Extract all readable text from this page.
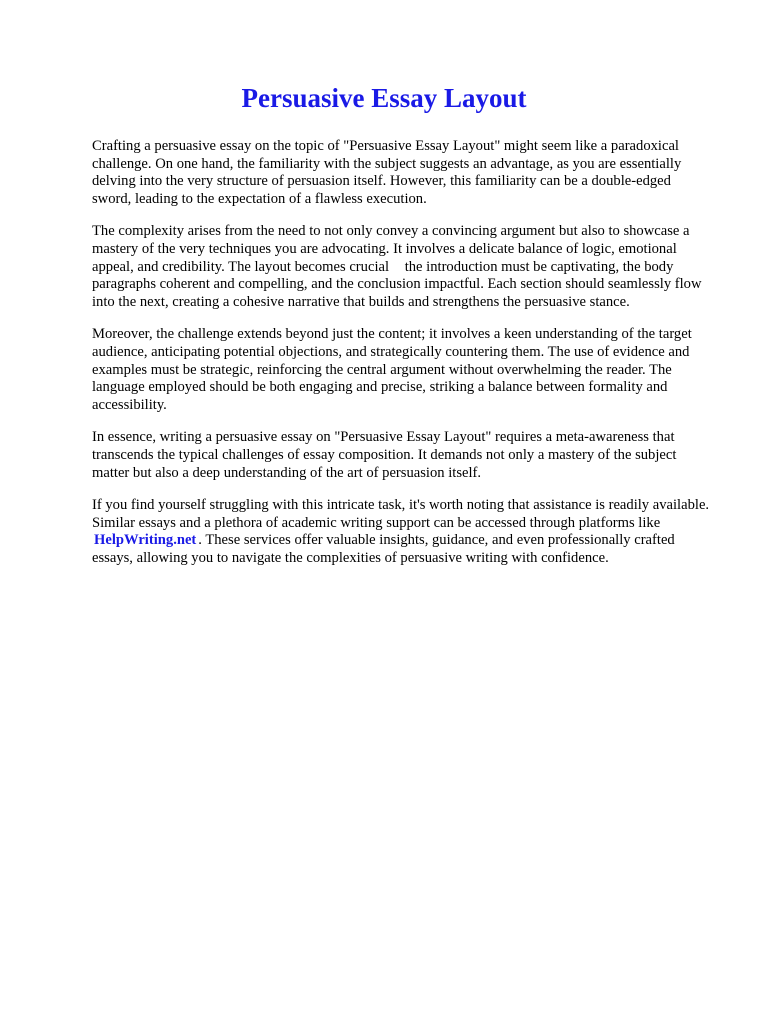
Persuasive Essay Layout

Crafting a persuasive essay on the topic of "Persuasive Essay Layout" might seem like a paradoxical challenge. On one hand, the familiarity with the subject suggests an advantage, as you are essentially delving into the very structure of persuasion itself. However, this familiarity can be a double-edged sword, leading to the expectation of a flawless execution.

The complexity arises from the need to not only convey a convincing argument but also to showcase a mastery of the very techniques you are advocating. It involves a delicate balance of logic, emotional appeal, and credibility. The layout becomes crucial the introduction must be captivating, the body paragraphs coherent and compelling, and the conclusion impactful. Each section should seamlessly flow into the next, creating a cohesive narrative that builds and strengthens the persuasive stance.

Moreover, the challenge extends beyond just the content; it involves a keen understanding of the target audience, anticipating potential objections, and strategically countering them. The use of evidence and examples must be strategic, reinforcing the central argument without overwhelming the reader. The language employed should be both engaging and precise, striking a balance between formality and accessibility.

In essence, writing a persuasive essay on "Persuasive Essay Layout" requires a meta-awareness that transcends the typical challenges of essay composition. It demands not only a mastery of the subject matter but also a deep understanding of the art of persuasion itself.

If you find yourself struggling with this intricate task, it's worth noting that assistance is readily available. Similar essays and a plethora of academic writing support can be accessed through platforms like HelpWriting.net . These services offer valuable insights, guidance, and even professionally crafted essays, allowing you to navigate the complexities of persuasive writing with confidence.
